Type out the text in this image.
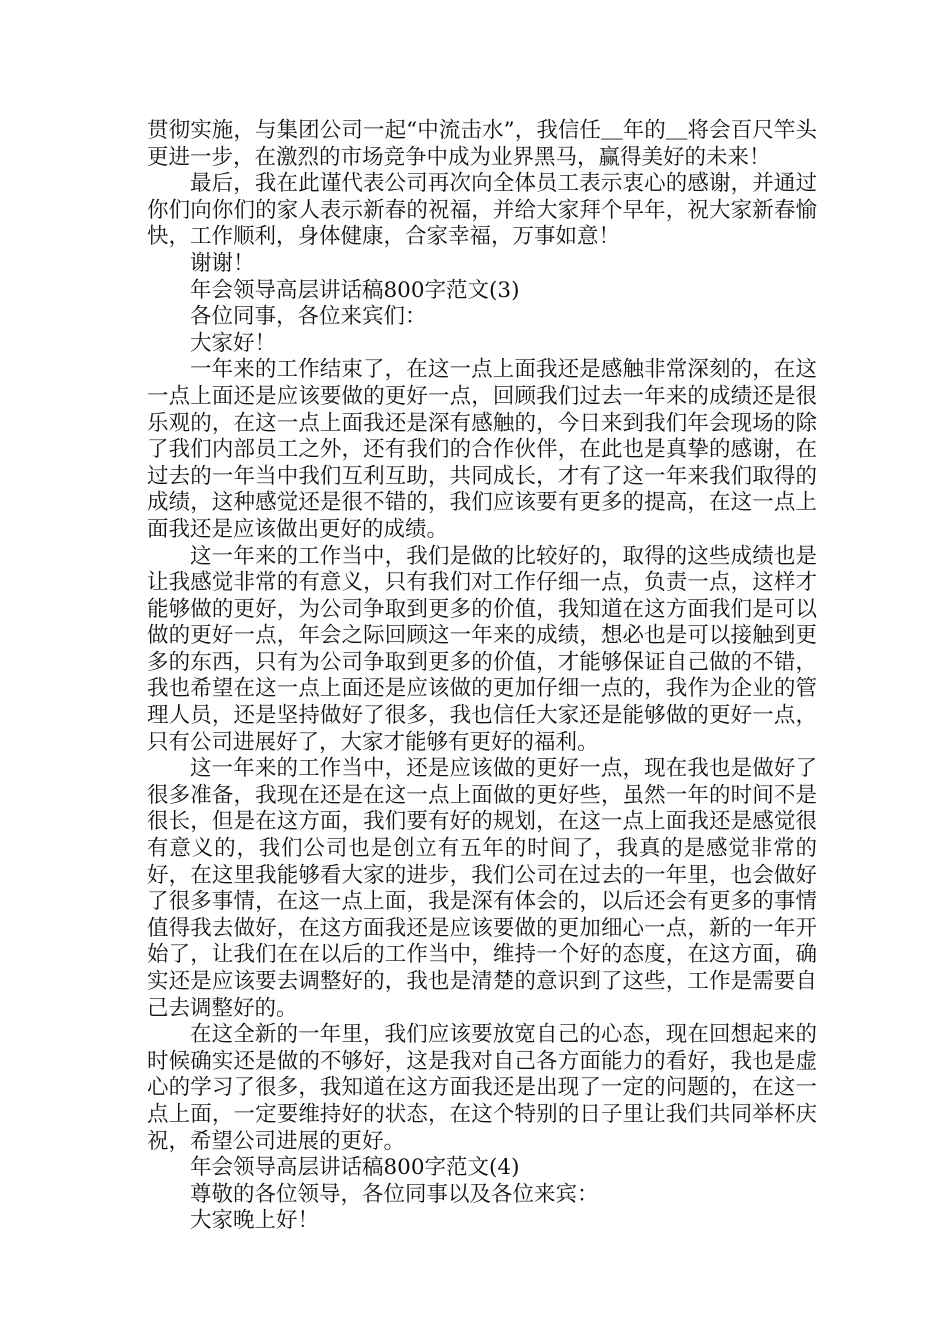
贯彻实施，与集团公司一起“中流击水”，我信任＿年的＿将会百尺竿头更进一步，在激烈的市场竞争中成为业界黑马，赢得美好的未来！

最后，我在此谨代表公司再次向全体员工表示衷心的感谢，并通过你们向你们的家人表示新春的祝福，并给大家拜个早年，祝大家新春愉快，工作顺利，身体健康，合家幸福，万事如意！

谢谢！

年会领导高层讲话稿800字范文(3)

各位同事，各位来宾们：

大家好！

一年来的工作结束了，在这一点上面我还是感触非常深刻的，在这一点上面还是应该要做的更好一点，回顾我们过去一年来的成绩还是很乐观的，在这一点上面我还是深有感触的，今日来到我们年会现场的除了我们内部员工之外，还有我们的合作伙伴，在此也是真挚的感谢，在过去的一年当中我们互利互助，共同成长，才有了这一年来我们取得的成绩，这种感觉还是很不错的，我们应该要有更多的提高，在这一点上面我还是应该做出更好的成绩。

这一年来的工作当中，我们是做的比较好的，取得的这些成绩也是让我感觉非常的有意义，只有我们对工作仔细一点，负责一点，这样才能够做的更好，为公司争取到更多的价值，我知道在这方面我们是可以做的更好一点，年会之际回顾这一年来的成绩，想必也是可以接触到更多的东西，只有为公司争取到更多的价值，才能够保证自己做的不错，我也希望在这一点上面还是应该做的更加仔细一点的，我作为企业的管理人员，还是坚持做好了很多，我也信任大家还是能够做的更好一点，只有公司进展好了，大家才能够有更好的福利。

这一年来的工作当中，还是应该做的更好一点，现在我也是做好了很多准备，我现在还是在这一点上面做的更好些，虽然一年的时间不是很长，但是在这方面，我们要有好的规划，在这一点上面我还是感觉很有意义的，我们公司也是创立有五年的时间了，我真的是感觉非常的好，在这里我能够看大家的进步，我们公司在过去的一年里，也会做好了很多事情，在这一点上面，我是深有体会的，以后还会有更多的事情值得我去做好，在这方面我还是应该要做的更加细心一点，新的一年开始了，让我们在在以后的工作当中，维持一个好的态度，在这方面，确实还是应该要去调整好的，我也是清楚的意识到了这些，工作是需要自己去调整好的。

在这全新的一年里，我们应该要放宽自己的心态，现在回想起来的时候确实还是做的不够好，这是我对自己各方面能力的看好，我也是虚心的学习了很多，我知道在这方面我还是出现了一定的问题的，在这一点上面，一定要维持好的状态，在这个特别的日子里让我们共同举杯庆祝，希望公司进展的更好。

年会领导高层讲话稿800字范文(4)

尊敬的各位领导，各位同事以及各位来宾：

大家晚上好！
